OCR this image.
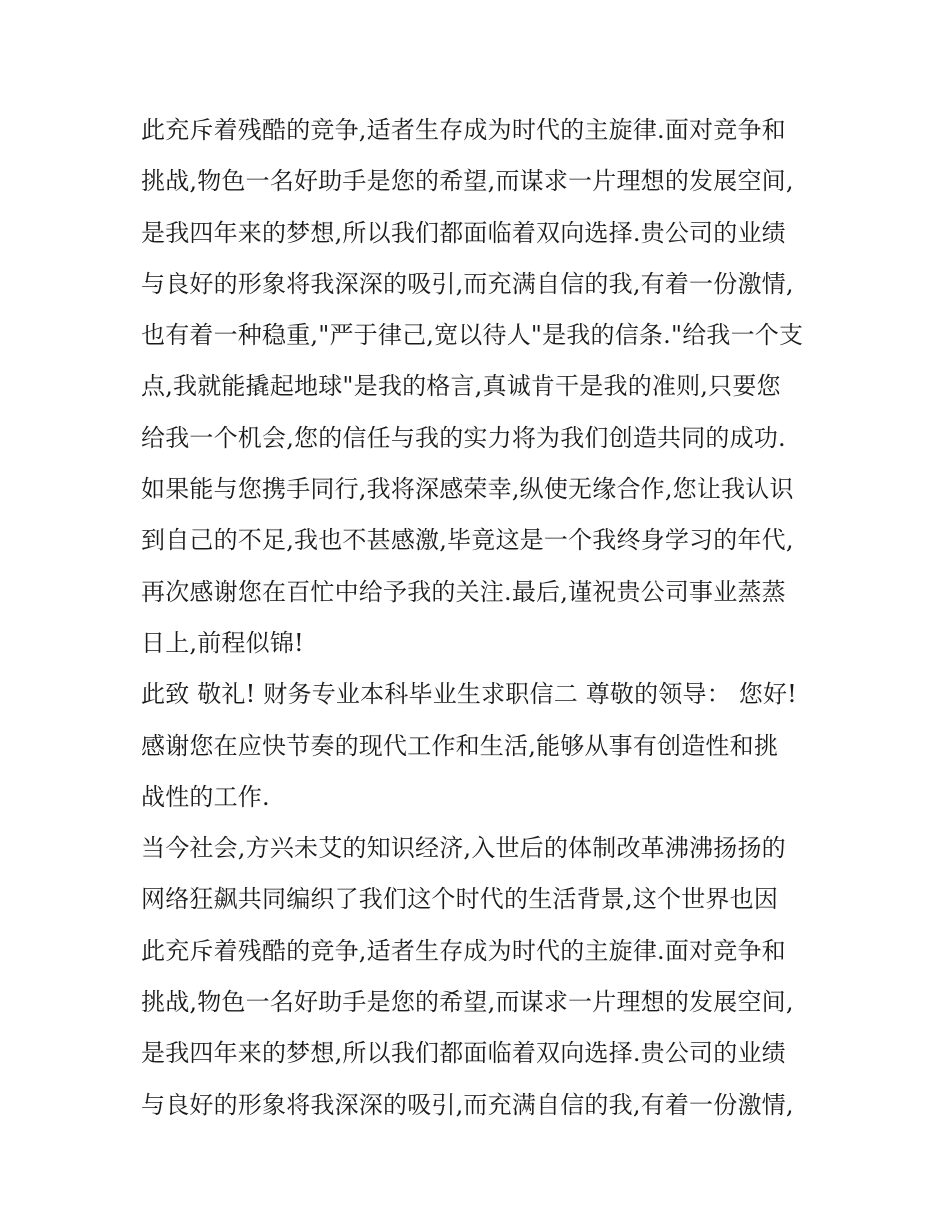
此充斥着残酷的竞争,适者生存成为时代的主旋律.面对竞争和
挑战,物色一名好助手是您的希望,而谋求一片理想的发展空间,
是我四年来的梦想,所以我们都面临着双向选择.贵公司的业绩
与良好的形象将我深深的吸引,而充满自信的我,有着一份激情,
也有着一种稳重,"严于律己,宽以待人"是我的信条."给我一个支
点,我就能撬起地球"是我的格言,真诚肯干是我的准则,只要您
给我一个机会,您的信任与我的实力将为我们创造共同的成功.
如果能与您携手同行,我将深感荣幸,纵使无缘合作,您让我认识
到自己的不足,我也不甚感激,毕竟这是一个我终身学习的年代,
再次感谢您在百忙中给予我的关注.最后,谨祝贵公司事业蒸蒸
日上,前程似锦!
此致 敬礼! 财务专业本科毕业生求职信二 尊敬的领导： 您好!
感谢您在应快节奏的现代工作和生活,能够从事有创造性和挑
战性的工作.
当今社会,方兴未艾的知识经济,入世后的体制改革沸沸扬扬的
网络狂飙共同编织了我们这个时代的生活背景,这个世界也因
此充斥着残酷的竞争,适者生存成为时代的主旋律.面对竞争和
挑战,物色一名好助手是您的希望,而谋求一片理想的发展空间,
是我四年来的梦想,所以我们都面临着双向选择.贵公司的业绩
与良好的形象将我深深的吸引,而充满自信的我,有着一份激情,
